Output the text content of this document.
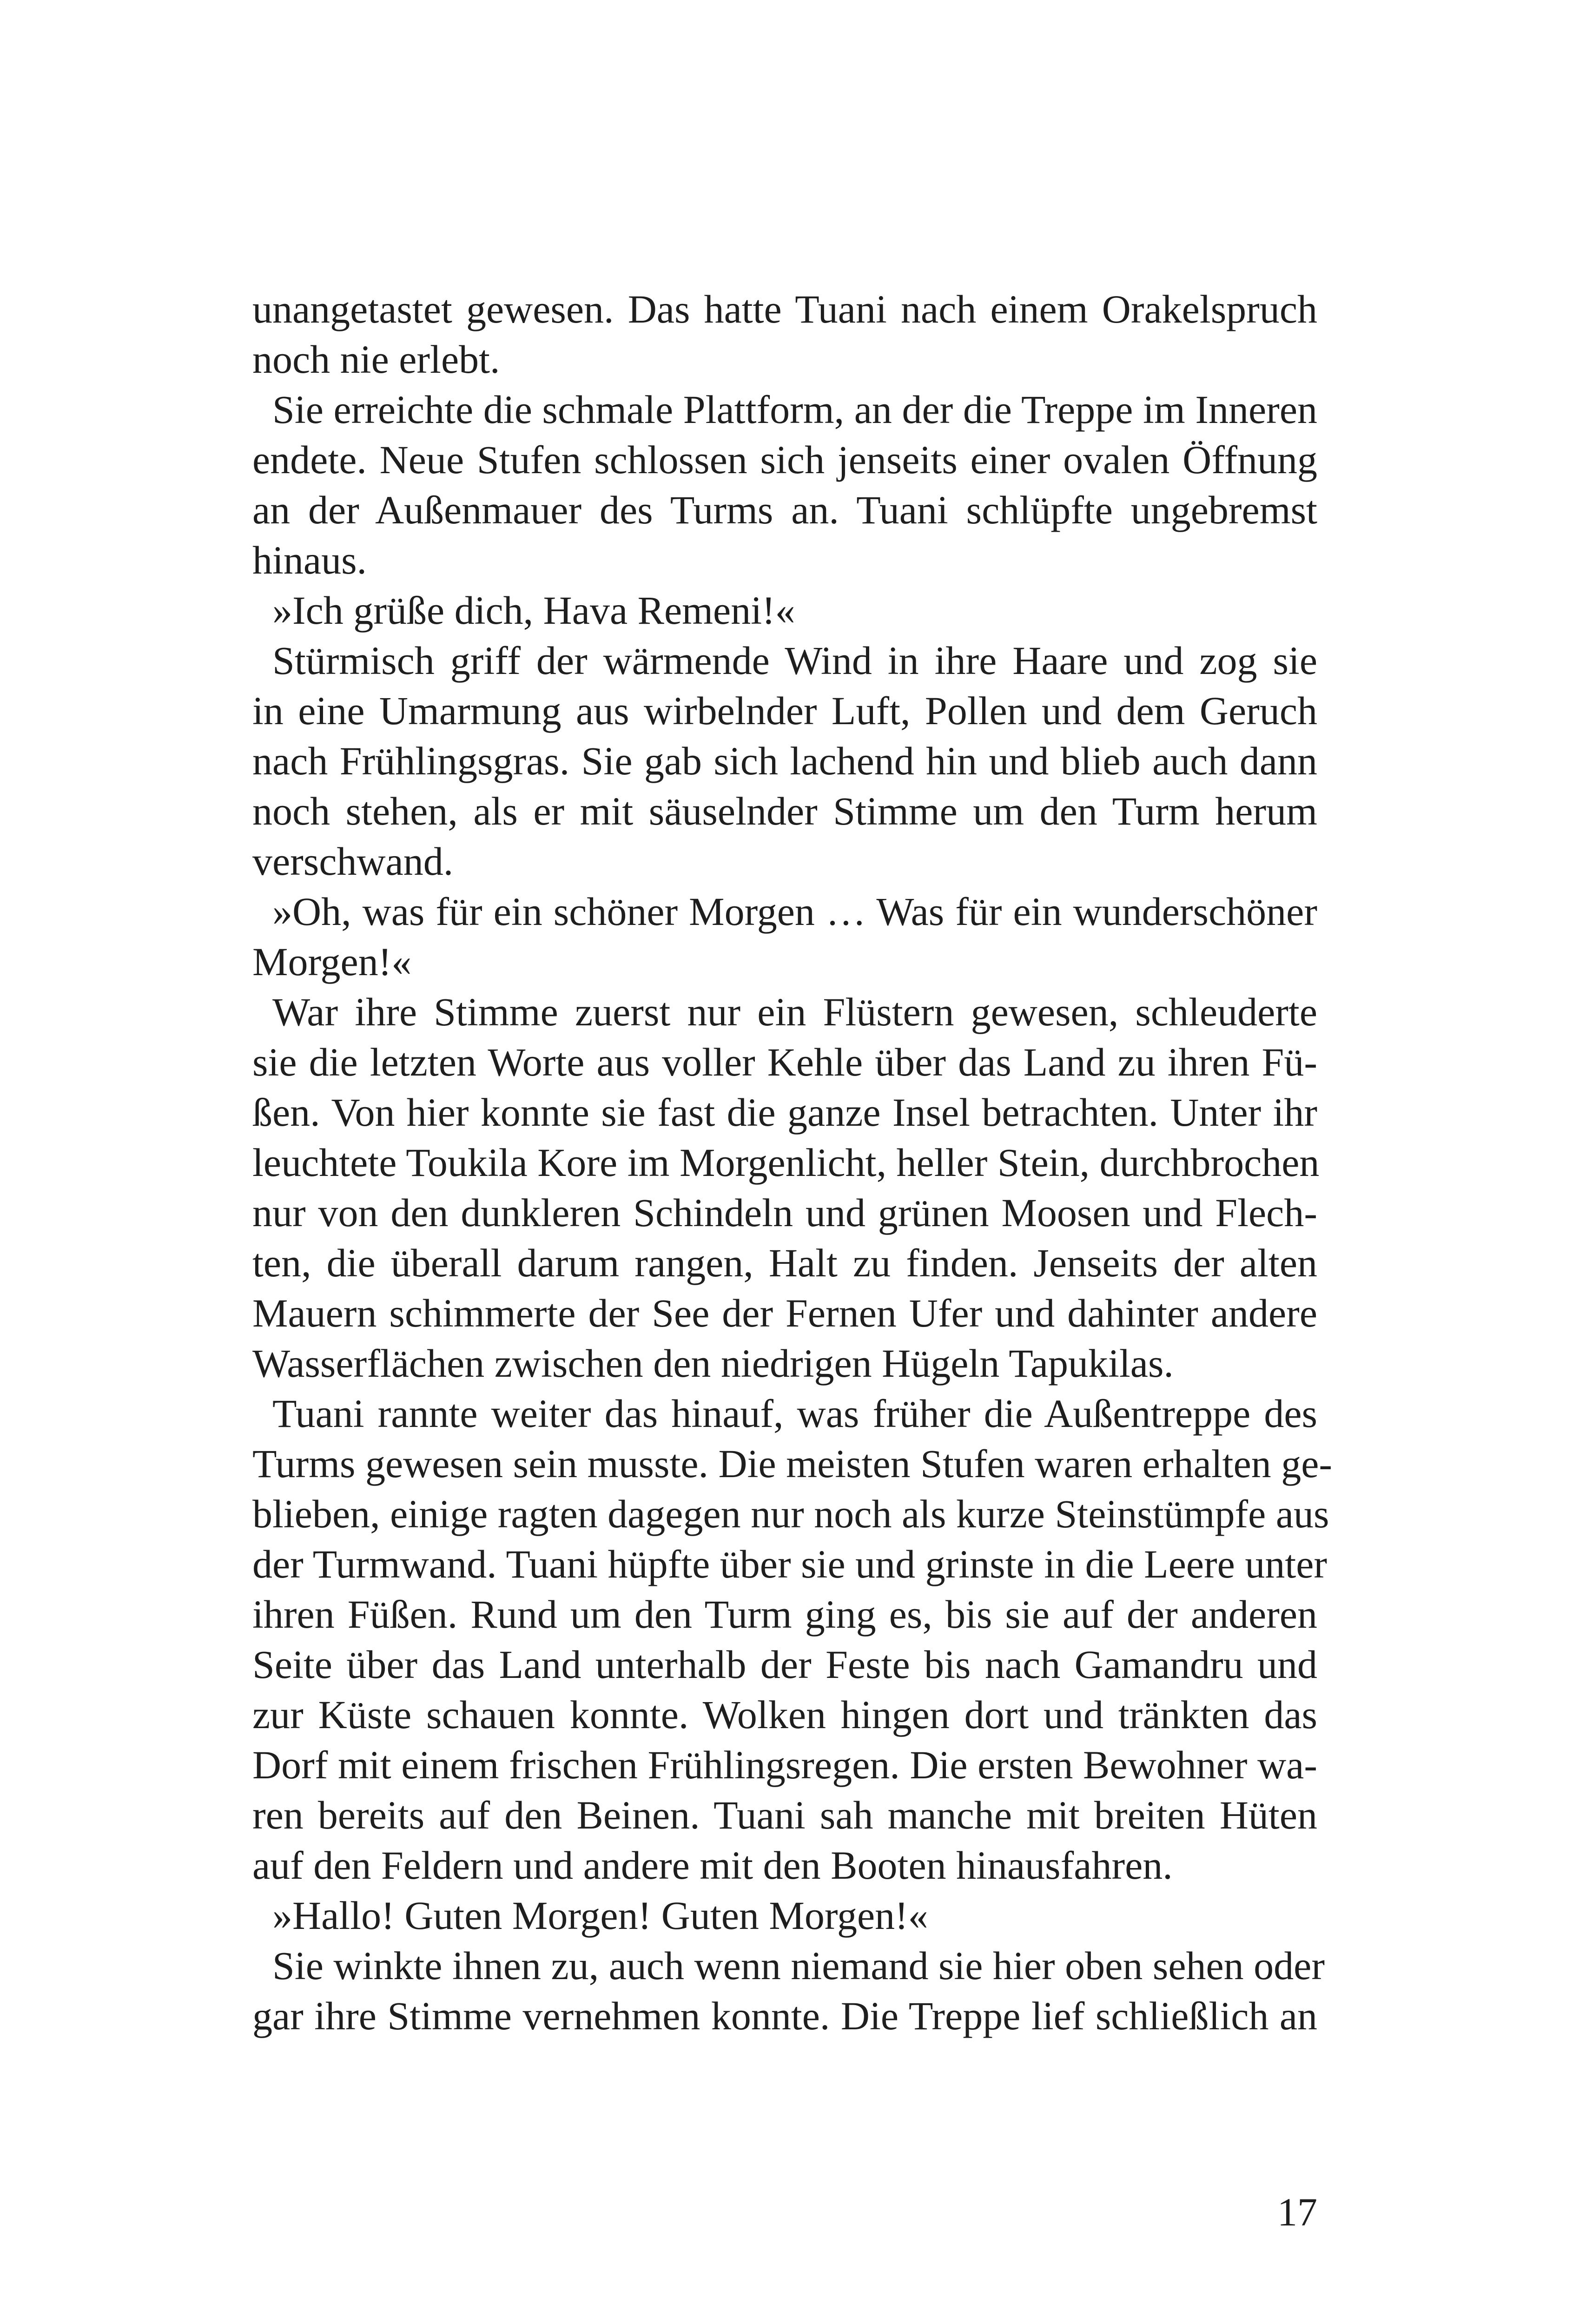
unangetastet gewesen. Das hatte Tuani nach einem Orakelspruch
noch nie erlebt.
Sie erreichte die schmale Plattform, an der die Treppe im Inneren
endete. Neue Stufen schlossen sich jenseits einer ovalen Öffnung
an der Außenmauer des Turms an. Tuani schlüpfte ungebremst
hinaus.
»Ich grüße dich, Hava Remeni!«
Stürmisch griff der wärmende Wind in ihre Haare und zog sie
in eine Umarmung aus wirbelnder Luft, Pollen und dem Geruch
nach Frühlingsgras. Sie gab sich lachend hin und blieb auch dann
noch stehen, als er mit säuselnder Stimme um den Turm herum
verschwand.
»Oh, was für ein schöner Morgen … Was für ein wunderschöner
Morgen!«
War ihre Stimme zuerst nur ein Flüstern gewesen, schleuderte
sie die letzten Worte aus voller Kehle über das Land zu ihren Fü-
ßen. Von hier konnte sie fast die ganze Insel betrachten. Unter ihr
leuchtete Toukila Kore im Morgenlicht, heller Stein, durchbrochen
nur von den dunkleren Schindeln und grünen Moosen und Flech-
ten, die überall darum rangen, Halt zu finden. Jenseits der alten
Mauern schimmerte der See der Fernen Ufer und dahinter andere
Wasserflächen zwischen den niedrigen Hügeln Tapukilas.
Tuani rannte weiter das hinauf, was früher die Außentreppe des
Turms gewesen sein musste. Die meisten Stufen waren erhalten ge-
blieben, einige ragten dagegen nur noch als kurze Steinstümpfe aus
der Turmwand. Tuani hüpfte über sie und grinste in die Leere unter
ihren Füßen. Rund um den Turm ging es, bis sie auf der anderen
Seite über das Land unterhalb der Feste bis nach Gamandru und
zur Küste schauen konnte. Wolken hingen dort und tränkten das
Dorf mit einem frischen Frühlingsregen. Die ersten Bewohner wa-
ren bereits auf den Beinen. Tuani sah manche mit breiten Hüten
auf den Feldern und andere mit den Booten hinausfahren.
»Hallo! Guten Morgen! Guten Morgen!«
Sie winkte ihnen zu, auch wenn niemand sie hier oben sehen oder
gar ihre Stimme vernehmen konnte. Die Treppe lief schließlich an
17
